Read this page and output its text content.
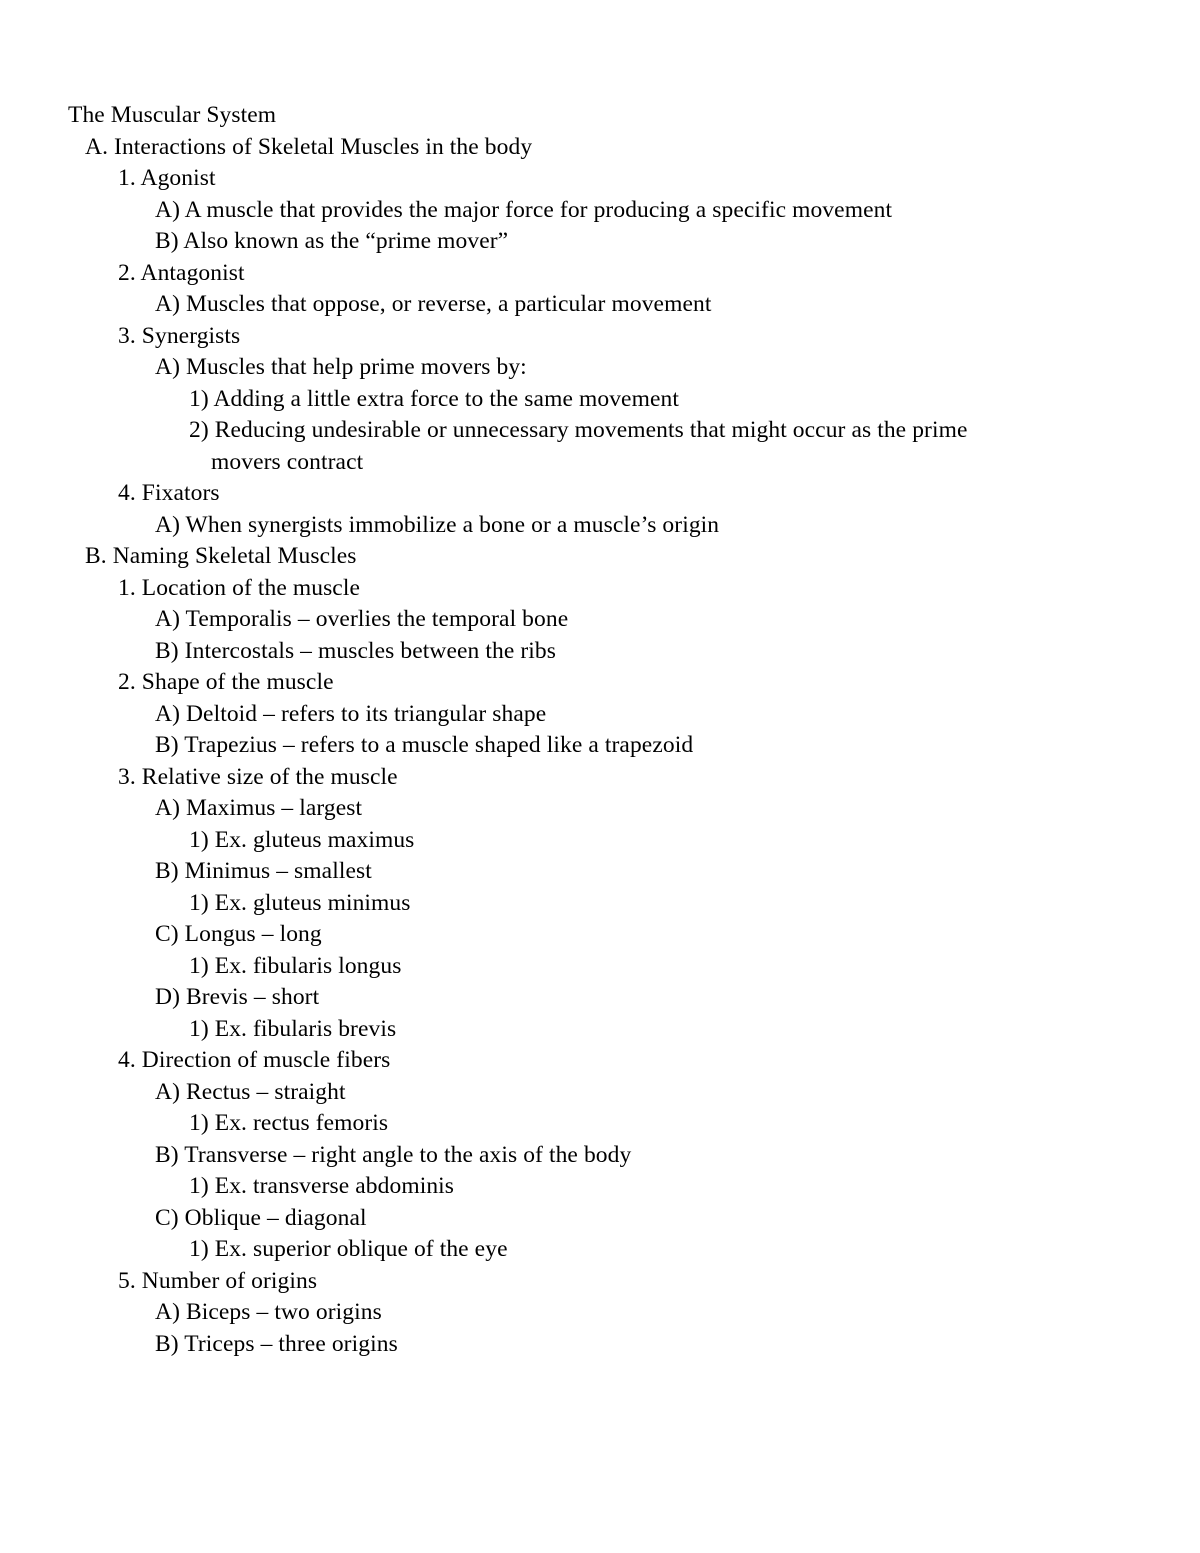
The Muscular System
A. Interactions of Skeletal Muscles in the body
1. Agonist
A) A muscle that provides the major force for producing a specific movement
B) Also known as the “prime mover”
2. Antagonist
A) Muscles that oppose, or reverse, a particular movement
3. Synergists
A) Muscles that help prime movers by:
1) Adding a little extra force to the same movement
2) Reducing undesirable or unnecessary movements that might occur as the prime
movers contract
4. Fixators
A) When synergists immobilize a bone or a muscle’s origin
B. Naming Skeletal Muscles
1. Location of the muscle
A) Temporalis – overlies the temporal bone
B) Intercostals – muscles between the ribs
2. Shape of the muscle
A) Deltoid – refers to its triangular shape
B) Trapezius – refers to a muscle shaped like a trapezoid
3. Relative size of the muscle
A) Maximus – largest
1) Ex. gluteus maximus
B) Minimus – smallest
1) Ex. gluteus minimus
C) Longus – long
1) Ex. fibularis longus
D) Brevis – short
1) Ex. fibularis brevis
4. Direction of muscle fibers
A) Rectus – straight
1) Ex. rectus femoris
B) Transverse – right angle to the axis of the body
1) Ex. transverse abdominis
C) Oblique – diagonal
1) Ex. superior oblique of the eye
5. Number of origins
A) Biceps – two origins
B) Triceps – three origins
